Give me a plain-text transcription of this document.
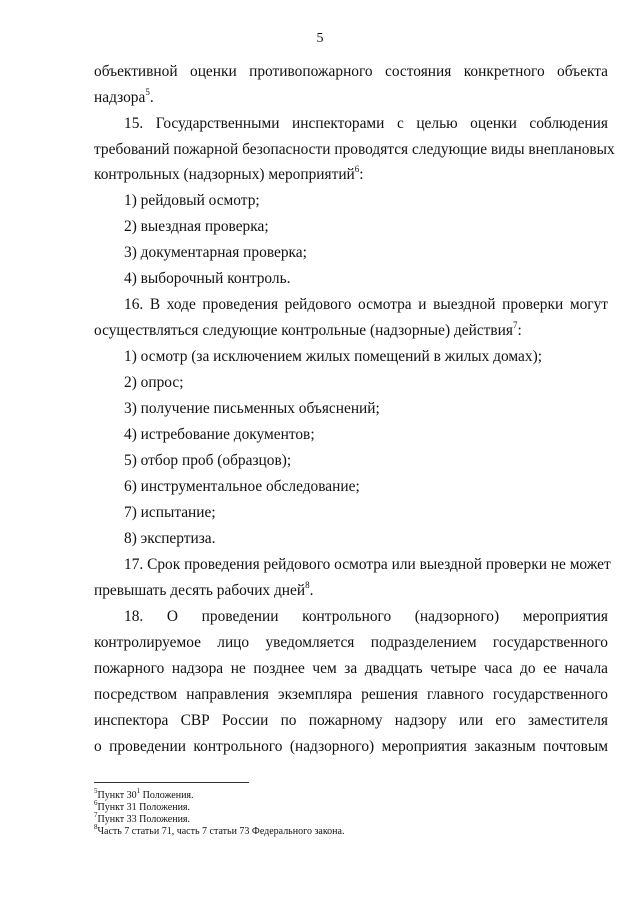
5
объективной оценки противопожарного состояния конкретного объекта
надзора$^5$.
15. Государственными инспекторами с целью оценки соблюдения
требований пожарной безопасности проводятся следующие виды внеплановых
контрольных (надзорных) мероприятий$^6$:
1) рейдовый осмотр;
2) выездная проверка;
3) документарная проверка;
4) выборочный контроль.
16. В ходе проведения рейдового осмотра и выездной проверки могут
осуществляться следующие контрольные (надзорные) действия$^7$:
1) осмотр (за исключением жилых помещений в жилых домах);
2) опрос;
3) получение письменных объяснений;
4) истребование документов;
5) отбор проб (образцов);
6) инструментальное обследование;
7) испытание;
8) экспертиза.
17. Срок проведения рейдового осмотра или выездной проверки не может
превышать десять рабочих дней$^8$.
18. О проведении контрольного (надзорного) мероприятия
контролируемое лицо уведомляется подразделением государственного
пожарного надзора не позднее чем за двадцать четыре часа до ее начала
посредством направления экземпляра решения главного государственного
инспектора СВР России по пожарному надзору или его заместителя
о проведении контрольного (надзорного) мероприятия заказным почтовым
$^5$Пункт $30^1$ Положения.
$^6$Пункт 31 Положения.
$^7$Пункт 33 Положения.
$^8$Часть 7 статьи 71, часть 7 статьи 73 Федерального закона.
